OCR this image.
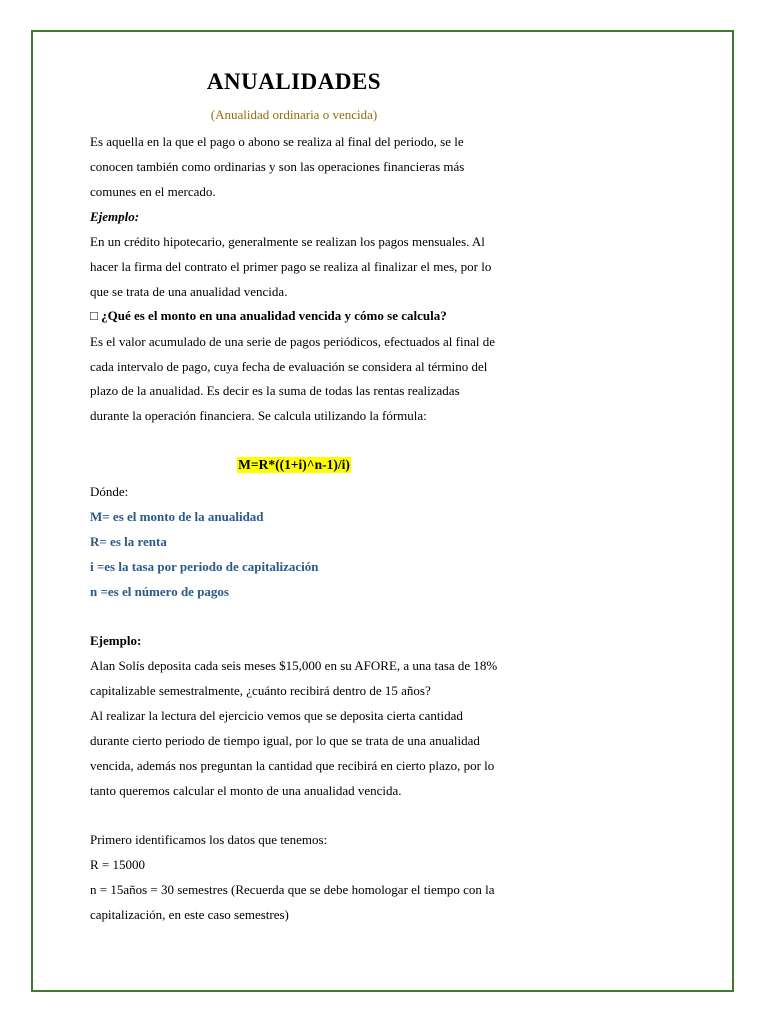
ANUALIDADES
(Anualidad ordinaria o vencida)
Es aquella en la que el pago o abono se realiza al final del periodo, se le
conocen también como ordinarias y son las operaciones financieras más
comunes en el mercado.
Ejemplo:
En un crédito hipotecario, generalmente se realizan los pagos mensuales. Al
hacer la firma del contrato el primer pago se realiza al finalizar el mes, por lo
que se trata de una anualidad vencida.
□ ¿Qué es el monto en una anualidad vencida y cómo se calcula?
Es el valor acumulado de una serie de pagos periódicos, efectuados al final de
cada intervalo de pago, cuya fecha de evaluación se considera al término del
plazo de la anualidad. Es decir es la suma de todas las rentas realizadas
durante la operación financiera. Se calcula utilizando la fórmula:
Dónde:
M= es el monto de la anualidad
R= es la renta
i =es la tasa por periodo de capitalización
n =es el número de pagos
Ejemplo:
Alan Solís deposita cada seis meses $15,000 en su AFORE, a una tasa de 18%
capitalizable semestralmente, ¿cuánto recibirá dentro de 15 años?
Al realizar la lectura del ejercicio vemos que se deposita cierta cantidad
durante cierto periodo de tiempo igual, por lo que se trata de una anualidad
vencida, además nos preguntan la cantidad que recibirá en cierto plazo, por lo
tanto queremos calcular el monto de una anualidad vencida.
Primero identificamos los datos que tenemos:
R = 15000
n = 15años = 30 semestres (Recuerda que se debe homologar el tiempo con la
capitalización, en este caso semestres)
M=R*((1+i)^n-1)/i)
